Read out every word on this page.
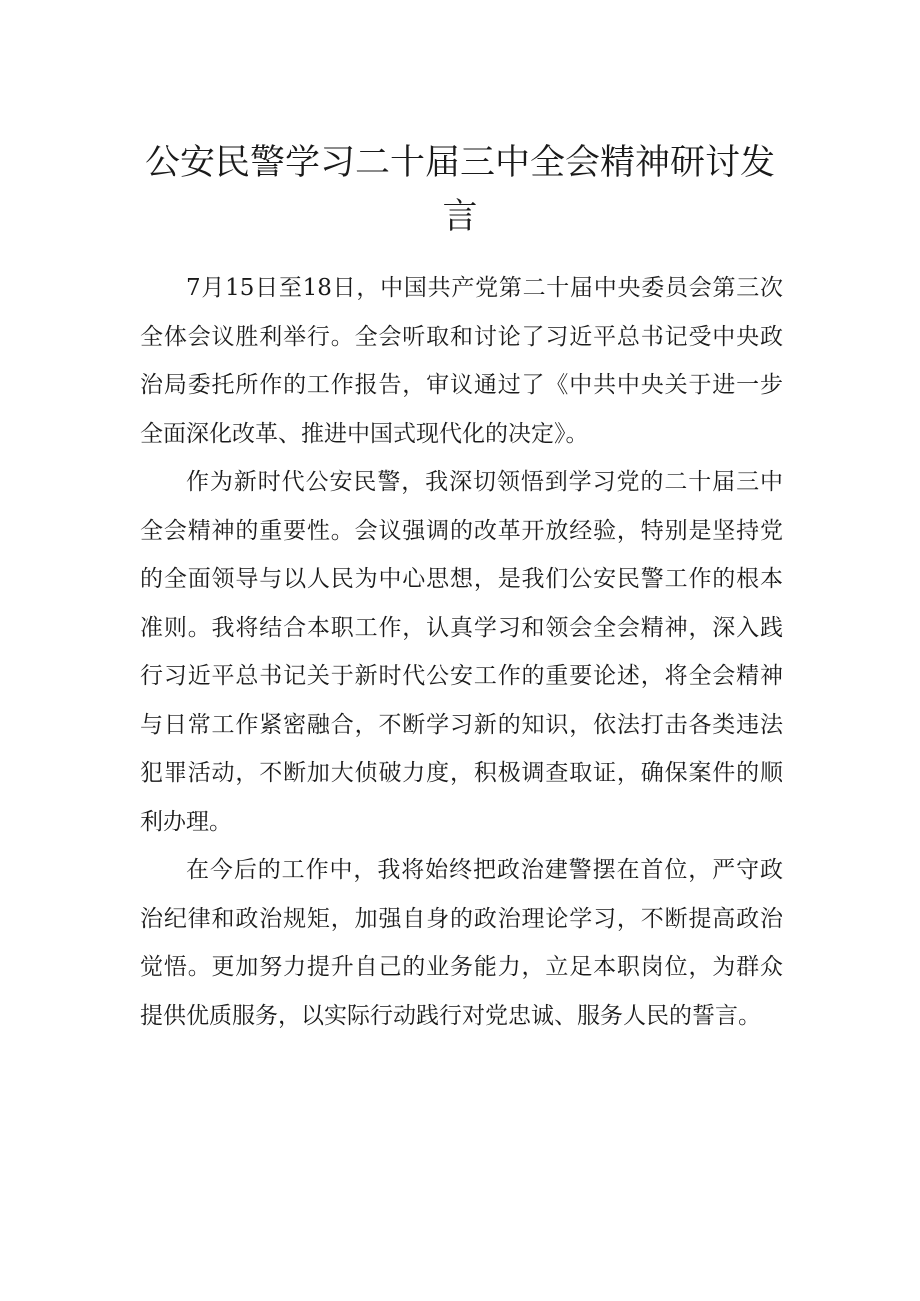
公安民警学习二十届三中全会精神研讨发
言

7月15日至18日，中国共产党第二十届中央委员会第三次全体会议胜利举行。全会听取和讨论了习近平总书记受中央政治局委托所作的工作报告，审议通过了《中共中央关于进一步全面深化改革、推进中国式现代化的决定》。

作为新时代公安民警，我深切领悟到学习党的二十届三中全会精神的重要性。会议强调的改革开放经验，特别是坚持党的全面领导与以人民为中心思想，是我们公安民警工作的根本准则。我将结合本职工作，认真学习和领会全会精神，深入践行习近平总书记关于新时代公安工作的重要论述，将全会精神与日常工作紧密融合，不断学习新的知识，依法打击各类违法犯罪活动，不断加大侦破力度，积极调查取证，确保案件的顺利办理。

在今后的工作中，我将始终把政治建警摆在首位，严守政治纪律和政治规矩，加强自身的政治理论学习，不断提高政治觉悟。更加努力提升自己的业务能力，立足本职岗位，为群众提供优质服务，以实际行动践行对党忠诚、服务人民的誓言。
